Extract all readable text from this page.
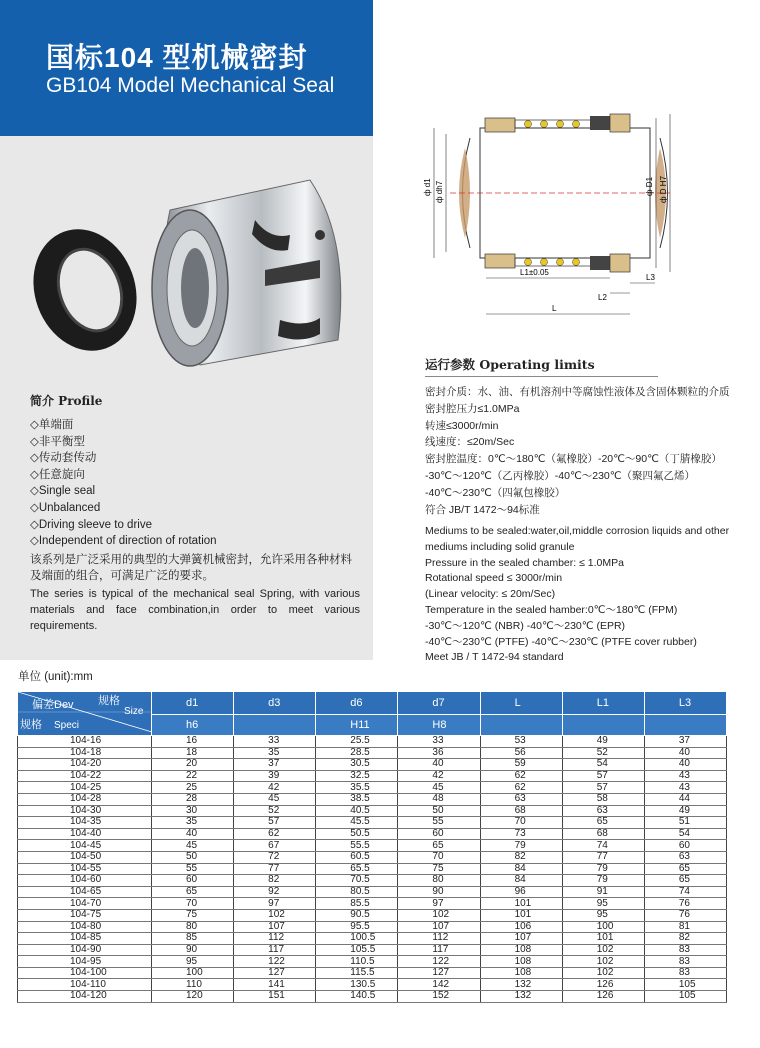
国标104 型机械密封
GB104 Model Mechanical Seal
简介 Profile
◇单端面
◇非平衡型
◇传动套传动
◇任意旋向
◇Single seal
◇Unbalanced
◇Driving sleeve to drive
◇Independent of direction of rotation
该系列是广泛采用的典型的大弹簧机械密封，允许采用各种材料及端面的组合，可满足广泛的要求。
The series is typical of the mechanical seal Spring, with various materials and face combination,in order to meet various requirements.
ф d1 ф dh7	ф D1 ф D H7
L1±0.05
L2
L3
L
运行参数 Operating limits
密封介质：水、油、有机溶剂中等腐蚀性液体及含固体颗粒的介质
密封腔压力≤1.0MPa
转速≤3000r/min
线速度：≤20m/Sec
密封腔温度：0℃～180℃（氟橡胶）-20℃～90℃（丁腈橡胶）
-30℃～120℃（乙丙橡胶）-40℃～230℃（聚四氟乙烯）
-40℃～230℃（四氟包橡胶）
符合 JB/T 1472～94标准
Mediums to be sealed:water,oil,middle corrosion liquids and other
mediums including solid granule
Pressure in the sealed chamber: ≤ 1.0MPa
Rotational speed ≤ 3000r/min
(Linear velocity: ≤ 20m/Sec)
Temperature in the sealed hamber:0℃～180℃ (FPM)
-30℃～120℃ (NBR) -40℃～230℃ (EPR)
-40℃～230℃ (PTFE) -40℃～230℃ (PTFE cover rubber)
Meet JB / T 1472-94 standard
单位 (unit):mm
偏差Dev 规格
Size
规格 Speci	d1	d3	d6	d7	L	L1	L3
	h6		H11	H8			
104-16	16	33	25.5	33	53	49	37
104-18	18	35	28.5	36	56	52	40
104-20	20	37	30.5	40	59	54	40
104-22	22	39	32.5	42	62	57	43
104-25	25	42	35.5	45	62	57	43
104-28	28	45	38.5	48	63	58	44
104-30	30	52	40.5	50	68	63	49
104-35	35	57	45.5	55	70	65	51
104-40	40	62	50.5	60	73	68	54
104-45	45	67	55.5	65	79	74	60
104-50	50	72	60.5	70	82	77	63
104-55	55	77	65.5	75	84	79	65
104-60	60	82	70.5	80	84	79	65
104-65	65	92	80.5	90	96	91	74
104-70	70	97	85.5	97	101	95	76
104-75	75	102	90.5	102	101	95	76
104-80	80	107	95.5	107	106	100	81
104-85	85	112	100.5	112	107	101	82
104-90	90	117	105.5	117	108	102	83
104-95	95	122	110.5	122	108	102	83
104-100	100	127	115.5	127	108	102	83
104-110	110	141	130.5	142	132	126	105
104-120	120	151	140.5	152	132	126	105
